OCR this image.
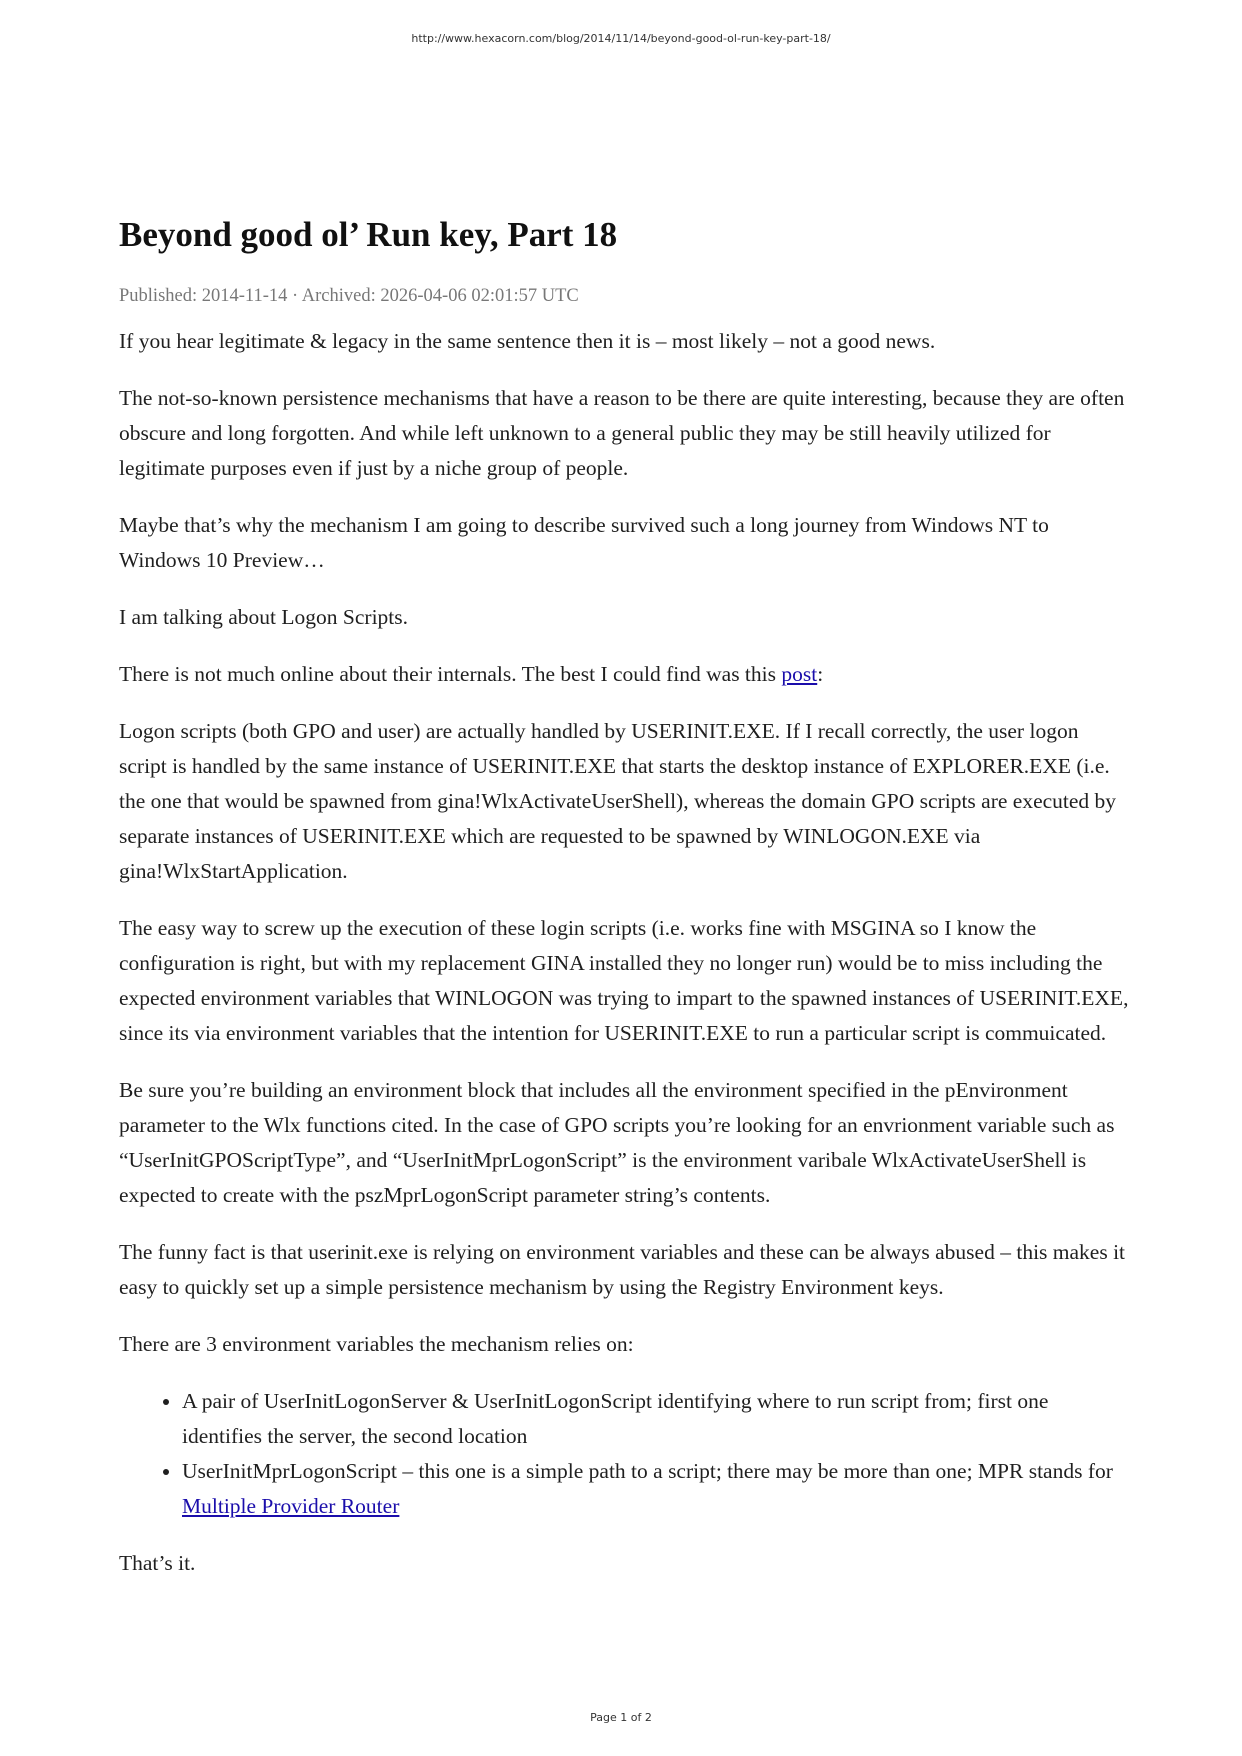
http://www.hexacorn.com/blog/2014/11/14/beyond-good-ol-run-key-part-18/
Beyond good ol’ Run key, Part 18
Published: 2014-11-14 · Archived: 2026-04-06 02:01:57 UTC

If you hear legitimate & legacy in the same sentence then it is – most likely – not a good news.

The not-so-known persistence mechanisms that have a reason to be there are quite interesting, because they are often obscure and long forgotten. And while left unknown to a general public they may be still heavily utilized for legitimate purposes even if just by a niche group of people.

Maybe that’s why the mechanism I am going to describe survived such a long journey from Windows NT to Windows 10 Preview…

I am talking about Logon Scripts.

There is not much online about their internals. The best I could find was this post:

Logon scripts (both GPO and user) are actually handled by USERINIT.EXE. If I recall correctly, the user logon script is handled by the same instance of USERINIT.EXE that starts the desktop instance of EXPLORER.EXE (i.e. the one that would be spawned from gina!WlxActivateUserShell), whereas the domain GPO scripts are executed by separate instances of USERINIT.EXE which are requested to be spawned by WINLOGON.EXE via gina!WlxStartApplication.

The easy way to screw up the execution of these login scripts (i.e. works fine with MSGINA so I know the configuration is right, but with my replacement GINA installed they no longer run) would be to miss including the expected environment variables that WINLOGON was trying to impart to the spawned instances of USERINIT.EXE, since its via environment variables that the intention for USERINIT.EXE to run a particular script is commuicated.

Be sure you’re building an environment block that includes all the environment specified in the pEnvironment parameter to the Wlx functions cited. In the case of GPO scripts you’re looking for an envrionment variable such as “UserInitGPOScriptType”, and “UserInitMprLogonScript” is the environment varibale WlxActivateUserShell is expected to create with the pszMprLogonScript parameter string’s contents.

The funny fact is that userinit.exe is relying on environment variables and these can be always abused – this makes it easy to quickly set up a simple persistence mechanism by using the Registry Environment keys.

There are 3 environment variables the mechanism relies on:

• A pair of UserInitLogonServer & UserInitLogonScript identifying where to run script from; first one identifies the server, the second location
• UserInitMprLogonScript – this one is a simple path to a script; there may be more than one; MPR stands for Multiple Provider Router

That’s it.

Page 1 of 2
